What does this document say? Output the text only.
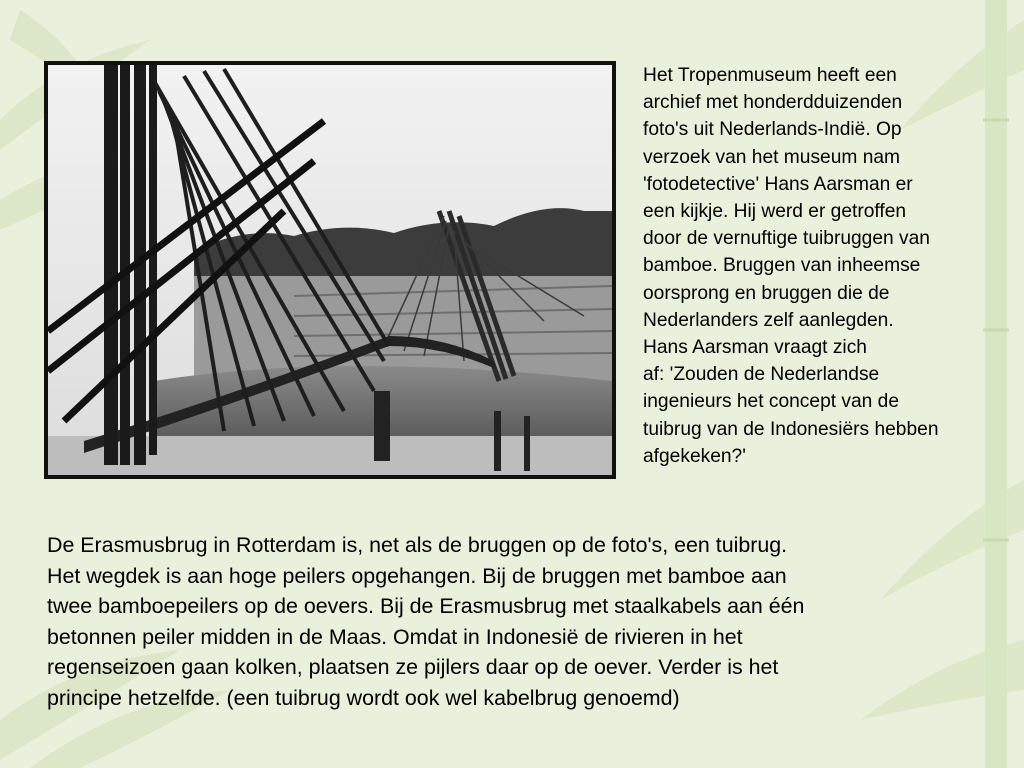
Het Tropenmuseum heeft een
archief met honderdduizenden
foto's uit Nederlands-Indië. Op
verzoek van het museum nam
'fotodetective' Hans Aarsman er
een kijkje. Hij werd er getroffen
door de vernuftige tuibruggen van
bamboe. Bruggen van inheemse
oorsprong en bruggen die de
Nederlanders zelf aanlegden.
Hans Aarsman vraagt zich
af: 'Zouden de Nederlandse
ingenieurs het concept van de
tuibrug van de Indonesiërs hebben
afgekeken?'

De Erasmusbrug in Rotterdam is, net als de bruggen op de foto's, een tuibrug.
Het wegdek is aan hoge peilers opgehangen. Bij de bruggen met bamboe aan
twee bamboepeilers op de oevers. Bij de Erasmusbrug met staalkabels aan één
betonnen peiler midden in de Maas. Omdat in Indonesië de rivieren in het
regenseizoen gaan kolken, plaatsen ze pijlers daar op de oever. Verder is het
principe hetzelfde. (een tuibrug wordt ook wel kabelbrug genoemd)
